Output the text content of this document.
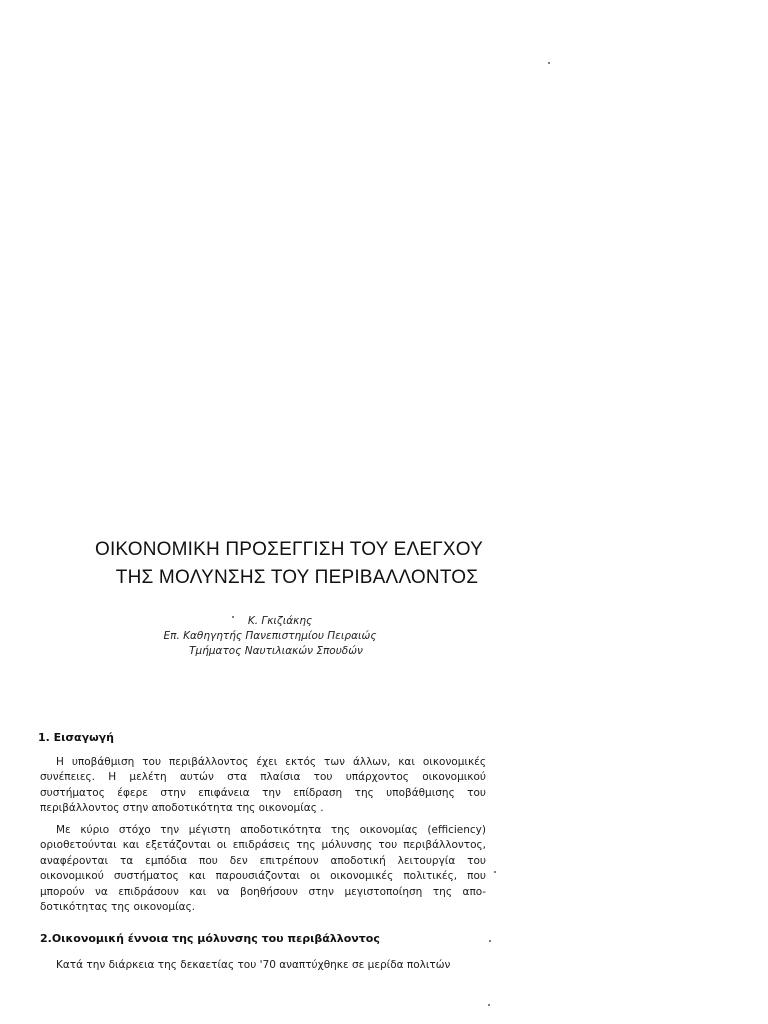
ΟΙΚΟΝΟΜΙΚΗ ΠΡΟΣΕΓΓΙΣΗ ΤΟΥ ΕΛΕΓΧΟΥ
ΤΗΣ ΜΟΛΥΝΣΗΣ ΤΟΥ ΠΕΡΙΒΑΛΛΟΝΤΟΣ
Κ. Γκιζιάκης
Επ. Καθηγητής Πανεπιστημίου Πειραιώς
Τμήματος Ναυτιλιακών Σπουδών
1. Εισαγωγή
Η υποβάθμιση του περιβάλλοντος έχει εκτός των άλλων, και οικονομικές
συνέπειες. Η μελέτη αυτών στα πλαίσια του υπάρχοντος οικονομικού
συστήματος έφερε στην επιφάνεια την επίδραση της υποβάθμισης του
περιβάλλοντος στην αποδοτικότητα της οικονομίας .
Με κύριο στόχο την μέγιστη αποδοτικότητα της οικονομίας (efficiency)
οριοθετούνται και εξετάζονται οι επιδράσεις της μόλυνσης του περιβάλλοντος,
αναφέρονται τα εμπόδια που δεν επιτρέπουν αποδοτική λειτουργία του
οικονομικού συστήματος και παρουσιάζονται οι οικονομικές πολιτικές, που
μπορούν να επιδράσουν και να βοηθήσουν στην μεγιστοποίηση της απο-
δοτικότητας της οικονομίας.
2.Οικονομική έννοια της μόλυνσης του περιβάλλοντος
Κατά την διάρκεια της δεκαετίας του '70 αναπτύχθηκε σε μερίδα πολιτών
